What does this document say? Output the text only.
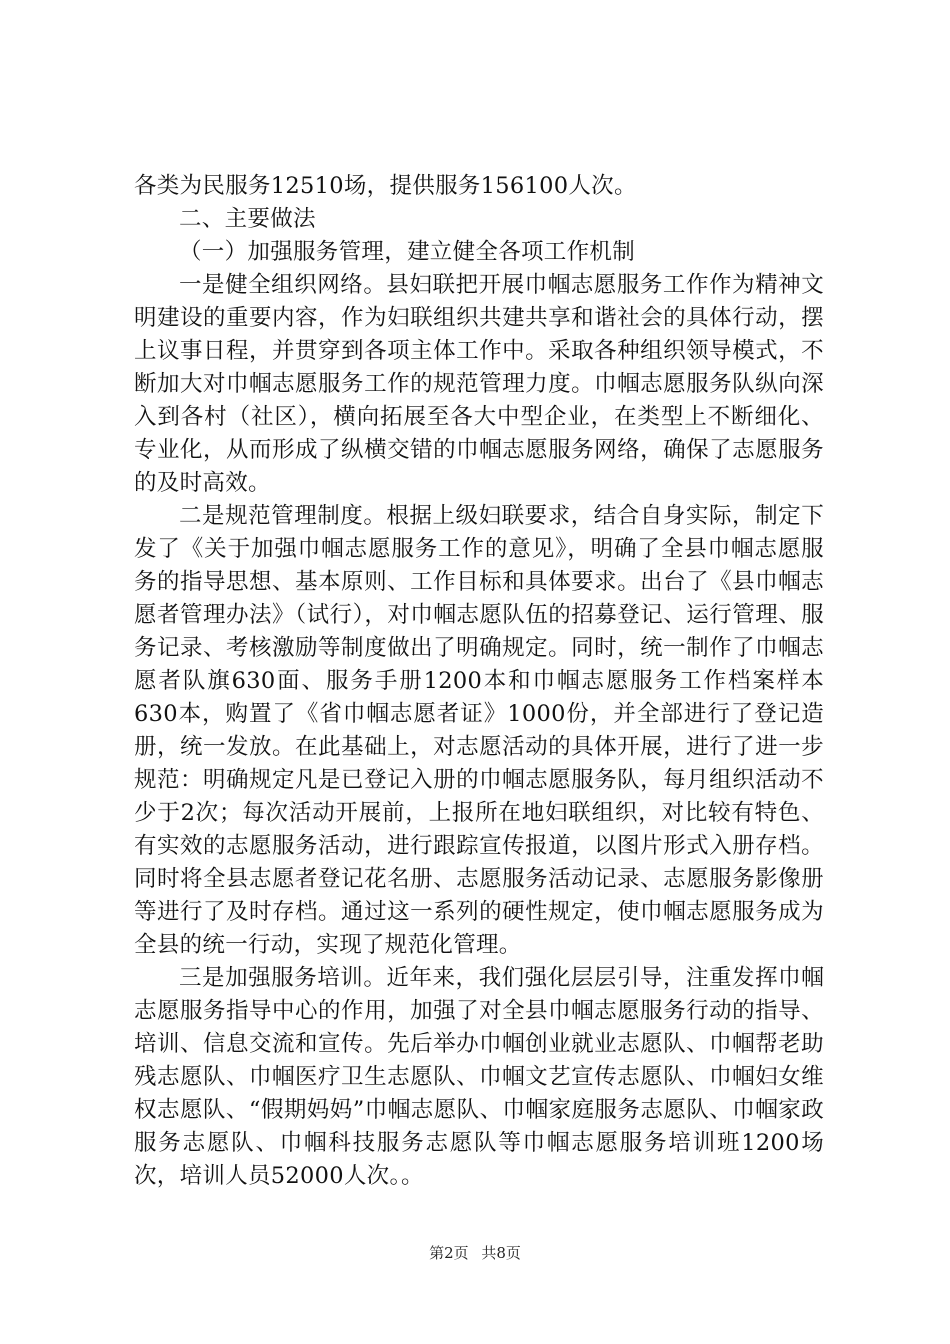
各类为民服务12510场，提供服务156100人次。

二、主要做法

（一）加强服务管理，建立健全各项工作机制

一是健全组织网络。县妇联把开展巾帼志愿服务工作作为精神文明建设的重要内容，作为妇联组织共建共享和谐社会的具体行动，摆上议事日程，并贯穿到各项主体工作中。采取各种组织领导模式，不断加大对巾帼志愿服务工作的规范管理力度。巾帼志愿服务队纵向深入到各村（社区），横向拓展至各大中型企业，在类型上不断细化、专业化，从而形成了纵横交错的巾帼志愿服务网络，确保了志愿服务的及时高效。

二是规范管理制度。根据上级妇联要求，结合自身实际，制定下发了《关于加强巾帼志愿服务工作的意见》，明确了全县巾帼志愿服务的指导思想、基本原则、工作目标和具体要求。出台了《县巾帼志愿者管理办法》（试行），对巾帼志愿队伍的招募登记、运行管理、服务记录、考核激励等制度做出了明确规定。同时，统一制作了巾帼志愿者队旗630面、服务手册1200本和巾帼志愿服务工作档案样本630本，购置了《省巾帼志愿者证》1000份，并全部进行了登记造册，统一发放。在此基础上，对志愿活动的具体开展，进行了进一步规范：明确规定凡是已登记入册的巾帼志愿服务队，每月组织活动不少于2次；每次活动开展前，上报所在地妇联组织，对比较有特色、有实效的志愿服务活动，进行跟踪宣传报道，以图片形式入册存档。同时将全县志愿者登记花名册、志愿服务活动记录、志愿服务影像册等进行了及时存档。通过这一系列的硬性规定，使巾帼志愿服务成为全县的统一行动，实现了规范化管理。

三是加强服务培训。近年来，我们强化层层引导，注重发挥巾帼志愿服务指导中心的作用，加强了对全县巾帼志愿服务行动的指导、培训、信息交流和宣传。先后举办巾帼创业就业志愿队、巾帼帮老助残志愿队、巾帼医疗卫生志愿队、巾帼文艺宣传志愿队、巾帼妇女维权志愿队、“假期妈妈”巾帼志愿队、巾帼家庭服务志愿队、巾帼家政服务志愿队、巾帼科技服务志愿队等巾帼志愿服务培训班1200场次，培训人员52000人次。。

第2页 共8页
